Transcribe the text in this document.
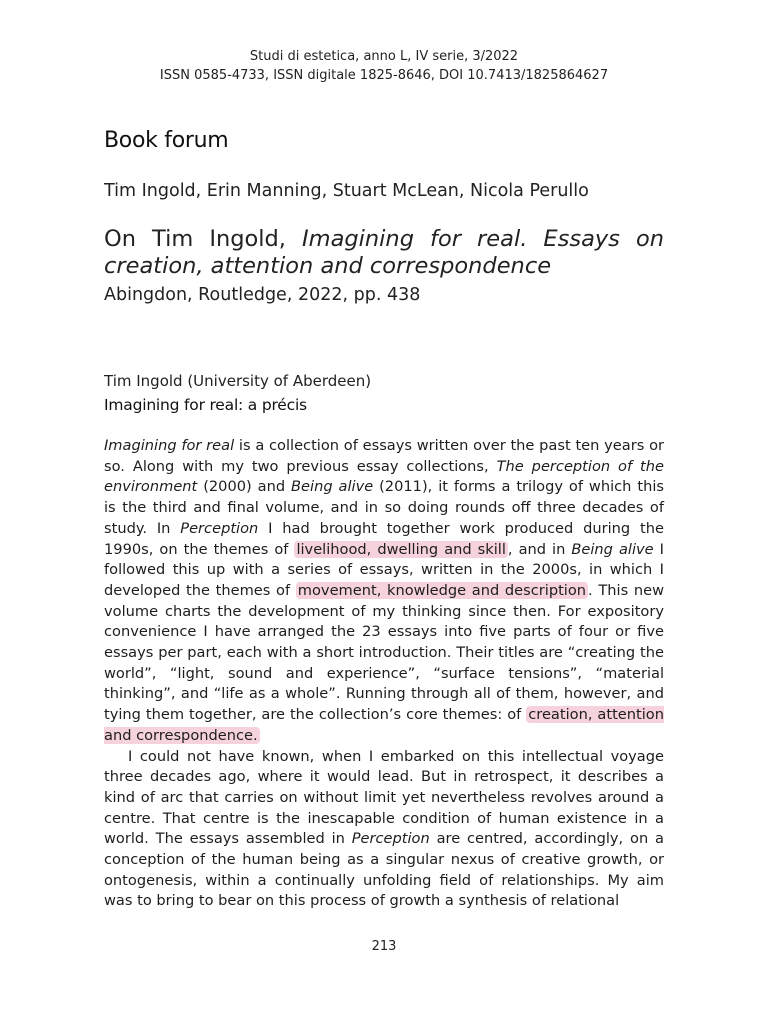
Studi di estetica, anno L, IV serie, 3/2022
ISSN 0585-4733, ISSN digitale 1825-8646, DOI 10.7413/1825864627
Book forum
Tim Ingold, Erin Manning, Stuart McLean, Nicola Perullo
On Tim Ingold, Imagining for real. Essays on creation, attention and correspondence
Abingdon, Routledge, 2022, pp. 438
Tim Ingold (University of Aberdeen)
Imagining for real: a précis

Imagining for real is a collection of essays written over the past ten years or so. Along with my two previous essay collections, The perception of the environment (2000) and Being alive (2011), it forms a trilogy of which this is the third and final volume, and in so doing rounds off three decades of study. In Perception I had brought together work produced during the 1990s, on the themes of livelihood, dwelling and skill , and in Being alive I followed this up with a series of essays, written in the 2000s, in which I developed the themes of movement, knowledge and description . This new volume charts the development of my thinking since then. For expository convenience I have arranged the 23 essays into five parts of four or five essays per part, each with a short introduction. Their titles are “creating the world”, “light, sound and experience”, “surface tensions”, “material thinking”, and “life as a whole”. Running through all of them, however, and tying them together, are the collection’s core themes: of creation, attention and correspondence.

I could not have known, when I embarked on this intellectual voyage three decades ago, where it would lead. But in retrospect, it describes a kind of arc that carries on without limit yet nevertheless revolves around a centre. That centre is the inescapable condition of human existence in a world. The essays assembled in Perception are centred, accordingly, on a conception of the human being as a singular nexus of creative growth, or ontogenesis, within a continually unfolding field of relationships. My aim was to bring to bear on this process of growth a synthesis of relational

213
